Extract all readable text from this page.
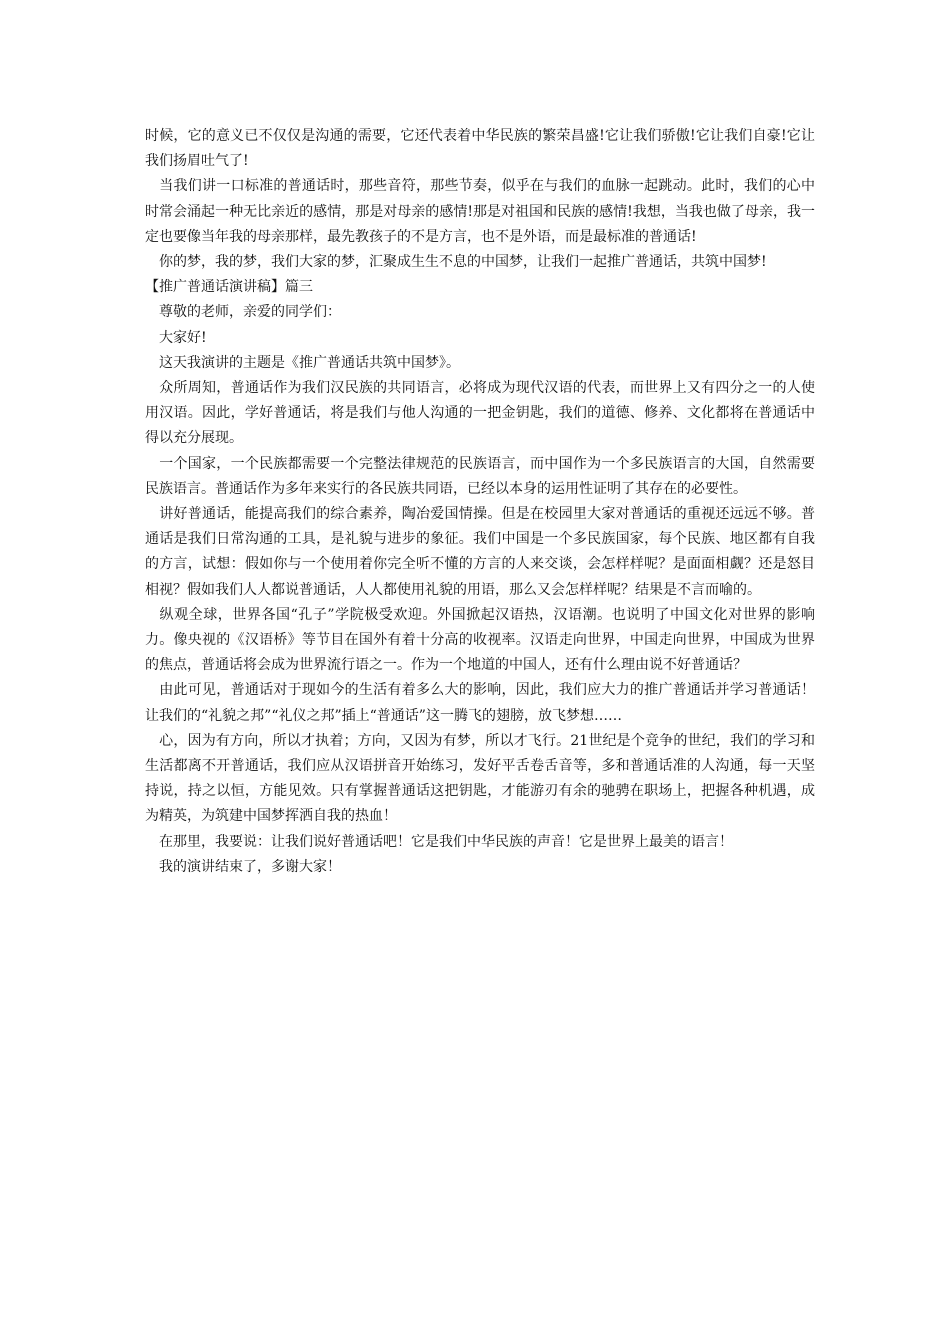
时候，它的意义已不仅仅是沟通的需要，它还代表着中华民族的繁荣昌盛!它让我们骄傲!它让我们自豪!它让我们扬眉吐气了!

　当我们讲一口标准的普通话时，那些音符，那些节奏，似乎在与我们的血脉一起跳动。此时，我们的心中时常会涌起一种无比亲近的感情，那是对母亲的感情!那是对祖国和民族的感情!我想，当我也做了母亲，我一定也要像当年我的母亲那样，最先教孩子的不是方言，也不是外语，而是最标准的普通话!

　你的梦，我的梦，我们大家的梦，汇聚成生生不息的中国梦，让我们一起推广普通话，共筑中国梦!

【推广普通话演讲稿】篇三

　尊敬的老师，亲爱的同学们：

　大家好!

　这天我演讲的主题是《推广普通话共筑中国梦》。

　众所周知，普通话作为我们汉民族的共同语言，必将成为现代汉语的代表，而世界上又有四分之一的人使用汉语。因此，学好普通话，将是我们与他人沟通的一把金钥匙，我们的道德、修养、文化都将在普通话中得以充分展现。

　一个国家，一个民族都需要一个完整法律规范的民族语言，而中国作为一个多民族语言的大国，自然需要民族语言。普通话作为多年来实行的各民族共同语，已经以本身的运用性证明了其存在的必要性。

　讲好普通话，能提高我们的综合素养，陶冶爱国情操。但是在校园里大家对普通话的重视还远远不够。普通话是我们日常沟通的工具，是礼貌与进步的象征。我们中国是一个多民族国家，每个民族、地区都有自我的方言，试想：假如你与一个使用着你完全听不懂的方言的人来交谈，会怎样样呢？是面面相觑？还是怒目相视？假如我们人人都说普通话，人人都使用礼貌的用语，那么又会怎样样呢？结果是不言而喻的。

　纵观全球，世界各国“孔子”学院极受欢迎。外国掀起汉语热，汉语潮。也说明了中国文化对世界的影响力。像央视的《汉语桥》等节目在国外有着十分高的收视率。汉语走向世界，中国走向世界，中国成为世界的焦点，普通话将会成为世界流行语之一。作为一个地道的中国人，还有什么理由说不好普通话？

　由此可见，普通话对于现如今的生活有着多么大的影响，因此，我们应大力的推广普通话并学习普通话！让我们的“礼貌之邦”“礼仪之邦”插上“普通话”这一腾飞的翅膀，放飞梦想……

　心，因为有方向，所以才执着；方向，又因为有梦，所以才飞行。21世纪是个竞争的世纪，我们的学习和生活都离不开普通话，我们应从汉语拼音开始练习，发好平舌卷舌音等，多和普通话准的人沟通，每一天坚持说，持之以恒，方能见效。只有掌握普通话这把钥匙，才能游刃有余的驰骋在职场上，把握各种机遇，成为精英，为筑建中国梦挥洒自我的热血！

　在那里，我要说：让我们说好普通话吧！它是我们中华民族的声音！它是世界上最美的语言！

　我的演讲结束了，多谢大家！
